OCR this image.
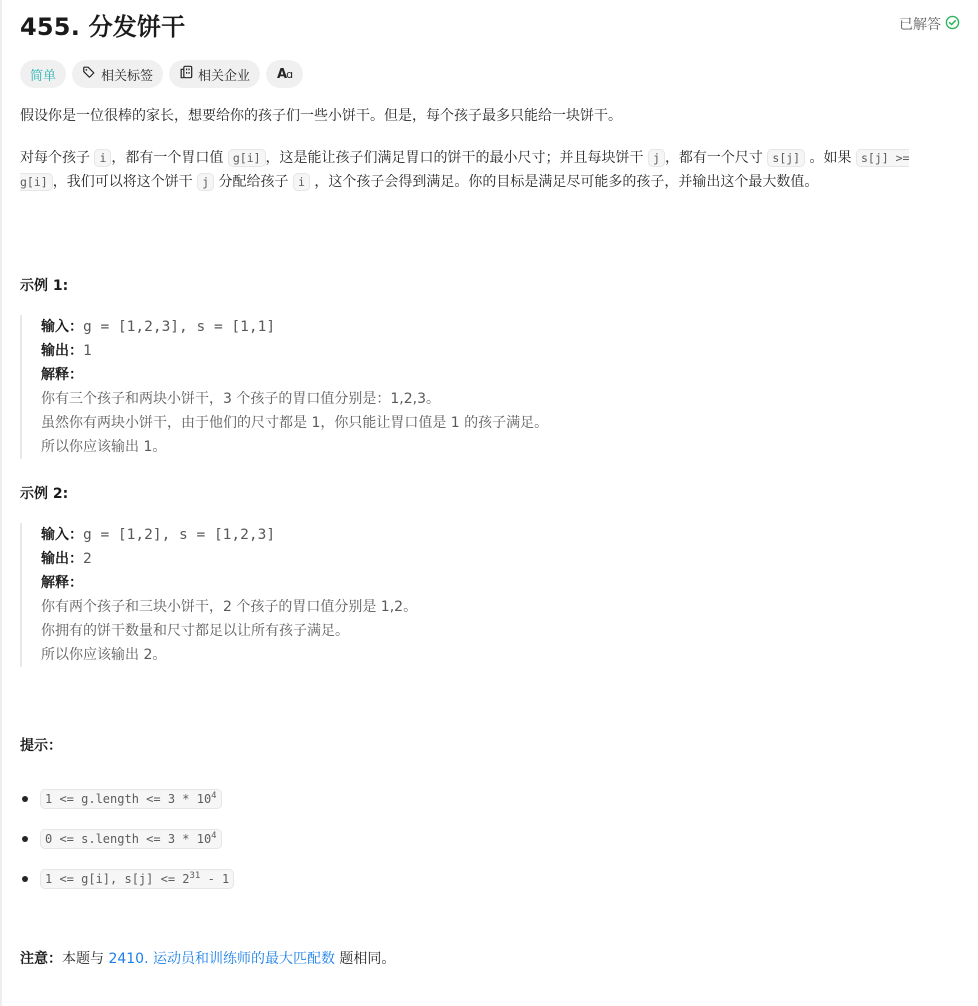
455. 分发饼干	已解答
简单	相关标签	相关企业 Aɑ

假设你是一位很棒的家长，想要给你的孩子们一些小饼干。但是，每个孩子最多只能给一块饼干。

对每个孩子 i ，都有一个胃口值 g[i] ，这是能让孩子们满足胃口的饼干的最小尺寸；并且每块饼干 j ，都有一个尺寸 s[j] 。如果 s[j] >= g[i] ，我们可以将这个饼干 j 分配给孩子 i ，这个孩子会得到满足。你的目标是满足尽可能多的孩子，并输出这个最大数值。

示例 1:

输入：g = [1,2,3], s = [1,1]
输出：1
解释：
你有三个孩子和两块小饼干，3 个孩子的胃口值分别是：1,2,3。
虽然你有两块小饼干，由于他们的尺寸都是 1，你只能让胃口值是 1 的孩子满足。
所以你应该输出 1。

示例 2:

输入：g = [1,2], s = [1,2,3]
输出：2
解释：
你有两个孩子和三块小饼干，2 个孩子的胃口值分别是 1,2。
你拥有的饼干数量和尺寸都足以让所有孩子满足。
所以你应该输出 2。

提示：

1 <= g.length <= $3 * 10^4$
0 <= s.length <= $3 * 10^4$
1 <= g[i], $s[j] <= 2^{31} - 1$
注意：本题与 2410. 运动员和训练师的最大匹配数 题相同。
